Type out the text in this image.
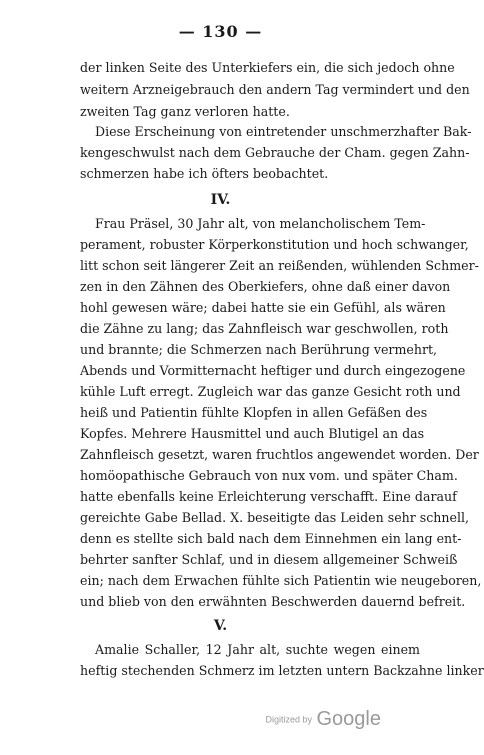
— 130 —
der linken Seite des Unterkiefers ein, die sich jedoch ohne
weitern Arzneigebrauch den andern Tag vermindert und den
zweiten Tag ganz verloren hatte.
Diese Erscheinung von eintretender unschmerzhafter Bak-
kengeschwulst nach dem Gebrauche der Cham. gegen Zahn-
schmerzen habe ich öfters beobachtet.
IV.
Frau Präsel, 30 Jahr alt, von melancholischem Tem-
perament, robuster Körperkonstitution und hoch schwanger,
litt schon seit längerer Zeit an reißenden, wühlenden Schmer-
zen in den Zähnen des Oberkiefers, ohne daß einer davon
hohl gewesen wäre; dabei hatte sie ein Gefühl, als wären
die Zähne zu lang; das Zahnfleisch war geschwollen, roth
und brannte; die Schmerzen nach Berührung vermehrt,
Abends und Vormitternacht heftiger und durch eingezogene
kühle Luft erregt. Zugleich war das ganze Gesicht roth und
heiß und Patientin fühlte Klopfen in allen Gefäßen des
Kopfes. Mehrere Hausmittel und auch Blutigel an das
Zahnfleisch gesetzt, waren fruchtlos angewendet worden. Der
homöopathische Gebrauch von nux vom. und später Cham.
hatte ebenfalls keine Erleichterung verschafft. Eine darauf
gereichte Gabe Bellad. X. beseitigte das Leiden sehr schnell,
denn es stellte sich bald nach dem Einnehmen ein lang ent-
behrter sanfter Schlaf, und in diesem allgemeiner Schweiß
ein; nach dem Erwachen fühlte sich Patientin wie neugeboren,
und blieb von den erwähnten Beschwerden dauernd befreit.
V.
Amalie Schaller, 12 Jahr alt, suchte wegen einem
heftig stechenden Schmerz im letzten untern Backzahne linker
Digitized by Google
